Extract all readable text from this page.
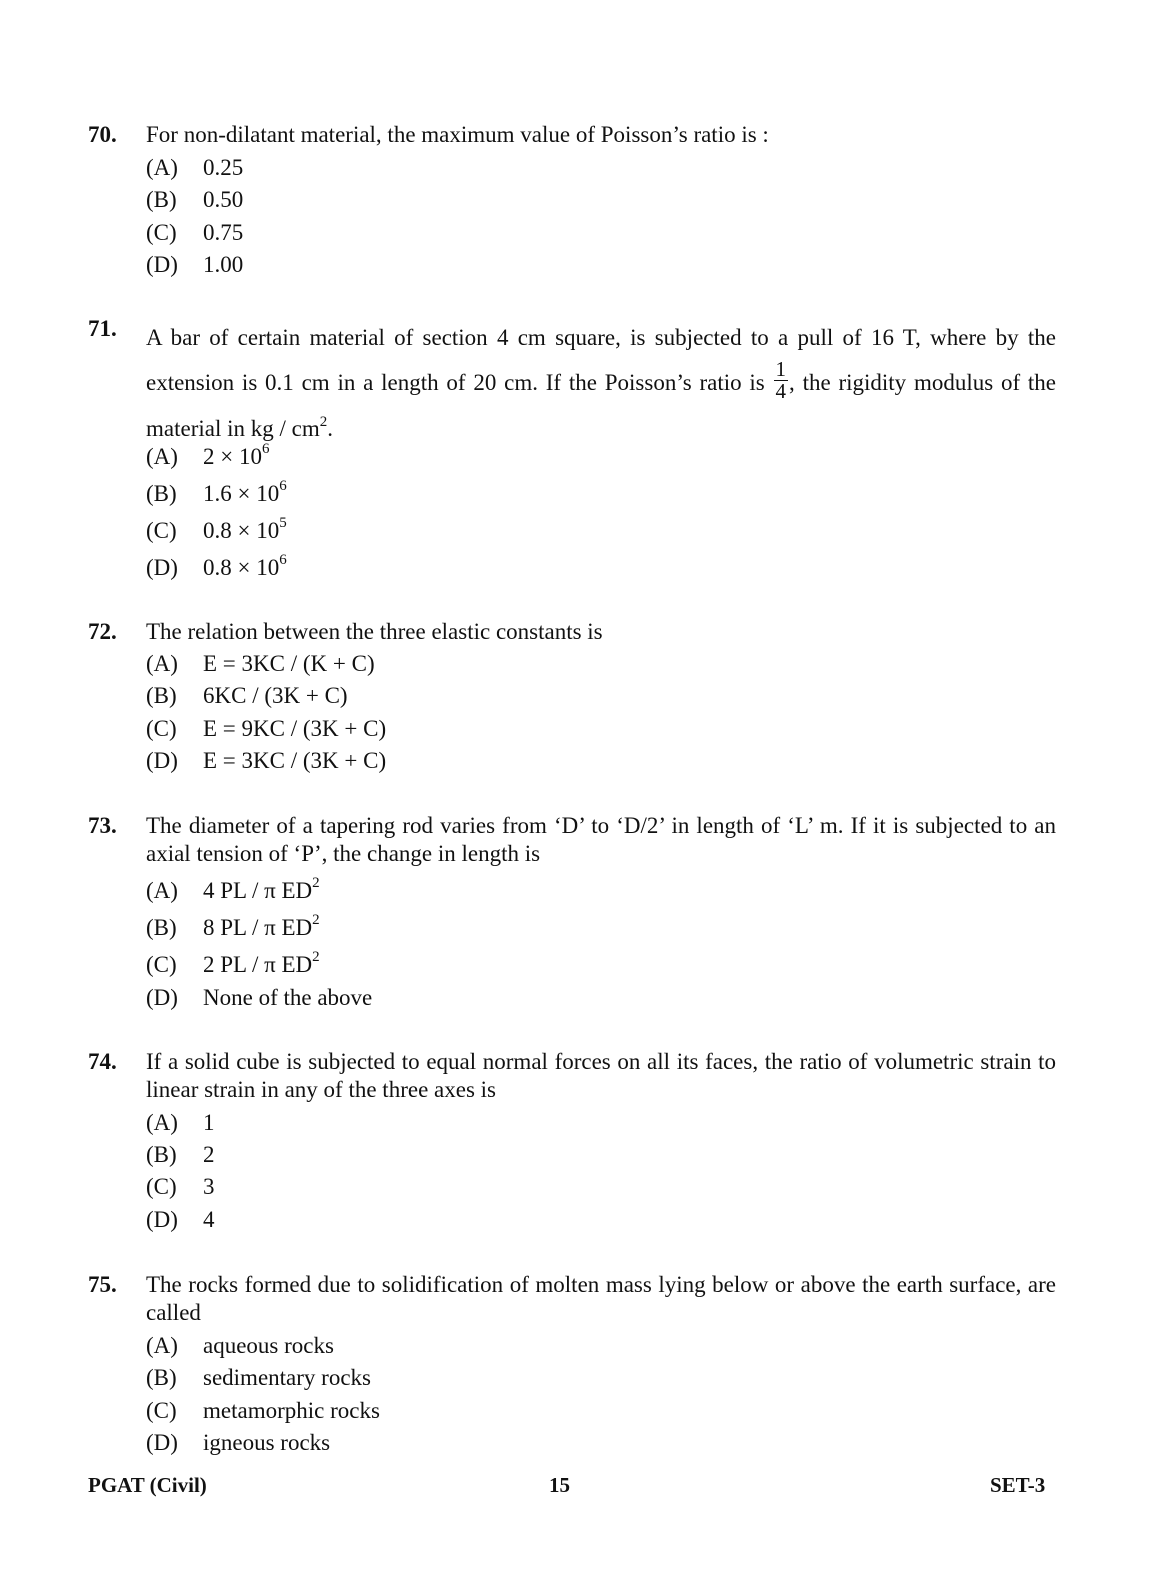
70. For non-dilatant material, the maximum value of Poisson’s ratio is :
(A) 0.25
(B) 0.50
(C) 0.75
(D) 1.00
71. A bar of certain material of section 4 cm square, is subjected to a pull of 16 T, where by the extension is 0.1 cm in a length of 20 cm. If the Poisson’s ratio is $\frac{1}{4}$ , the rigidity modulus of the material in kg / $cm^2$.
(A) $2 \times 10^6$
(B) $1.6 \times 10^6$
(C) $0.8 \times 10^5$
(D) $0.8 \times 10^6$
72. The relation between the three elastic constants is
(A) E = 3KC / (K + C)
(B) 6KC / (3K + C)
(C) E = 9KC / (3K + C)
(D) E = 3KC / (3K + C)
73. The diameter of a tapering rod varies from ‘D’ to ‘D/2’ in length of ‘L’ m. If it is subjected to an axial tension of ‘P’, the change in length is
(A) 4 PL / π $ED^2$
(B) 8 PL / π $ED^2$
(C) 2 PL / π $ED^2$
(D) None of the above
74. If a solid cube is subjected to equal normal forces on all its faces, the ratio of volumetric strain to linear strain in any of the three axes is
(A) 1
(B) 2
(C) 3
(D) 4
75. The rocks formed due to solidification of molten mass lying below or above the earth surface, are called
(A) aqueous rocks
(B) sedimentary rocks
(C) metamorphic rocks
(D) igneous rocks
PGAT (Civil)	15	SET-3
